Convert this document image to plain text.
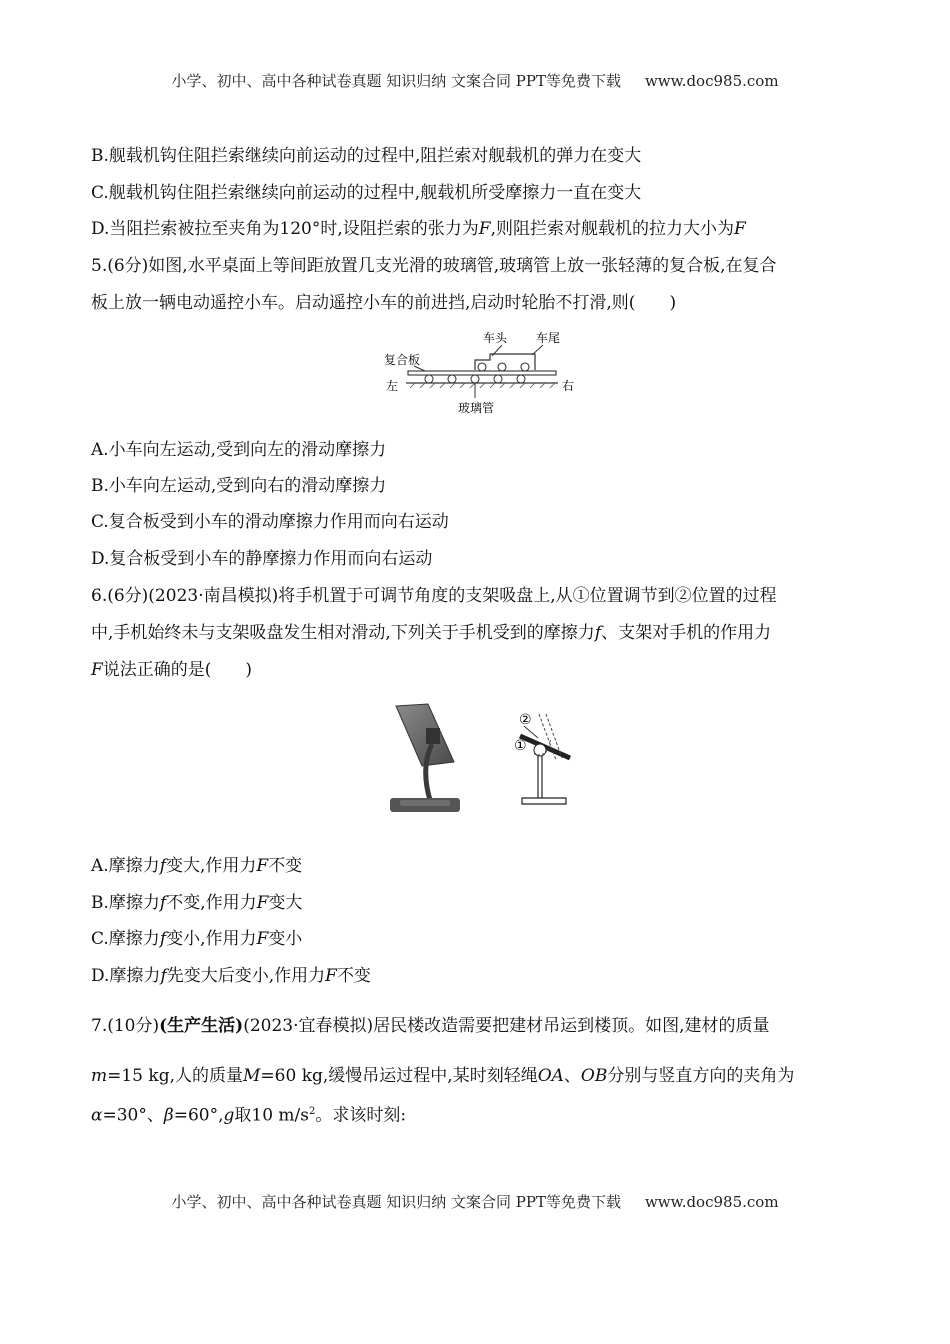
小学、初中、高中各种试卷真题 知识归纳 文案合同 PPT等免费下载 www.doc985.com
B.舰载机钩住阻拦索继续向前运动的过程中,阻拦索对舰载机的弹力在变大
C.舰载机钩住阻拦索继续向前运动的过程中,舰载机所受摩擦力一直在变大
D.当阻拦索被拉至夹角为120°时,设阻拦索的张力为F,则阻拦索对舰载机的拉力大小为F
5.(6分)如图,水平桌面上等间距放置几支光滑的玻璃管,玻璃管上放一张轻薄的复合板,在复合
板上放一辆电动遥控小车。启动遥控小车的前进挡,启动时轮胎不打滑,则(　　)
车头 车尾
复合板
左	右
玻璃管
A.小车向左运动,受到向左的滑动摩擦力
B.小车向左运动,受到向右的滑动摩擦力
C.复合板受到小车的滑动摩擦力作用而向右运动
D.复合板受到小车的静摩擦力作用而向右运动
6.(6分)(2023·南昌模拟)将手机置于可调节角度的支架吸盘上,从①位置调节到②位置的过程
中,手机始终未与支架吸盘发生相对滑动,下列关于手机受到的摩擦力f、支架对手机的作用力
F说法正确的是(　　)
①
②
A.摩擦力f变大,作用力F不变
B.摩擦力f不变,作用力F变大
C.摩擦力f变小,作用力F变小
D.摩擦力f先变大后变小,作用力F不变
7.(10分)(生产生活)(2023·宜春模拟)居民楼改造需要把建材吊运到楼顶。如图,建材的质量
m=15 kg,人的质量M=60 kg,缓慢吊运过程中,某时刻轻绳OA、OB分别与竖直方向的夹角为
α=30°、β=60°,g取10 $m/s^2$。求该时刻:
小学、初中、高中各种试卷真题 知识归纳 文案合同 PPT等免费下载 www.doc985.com
